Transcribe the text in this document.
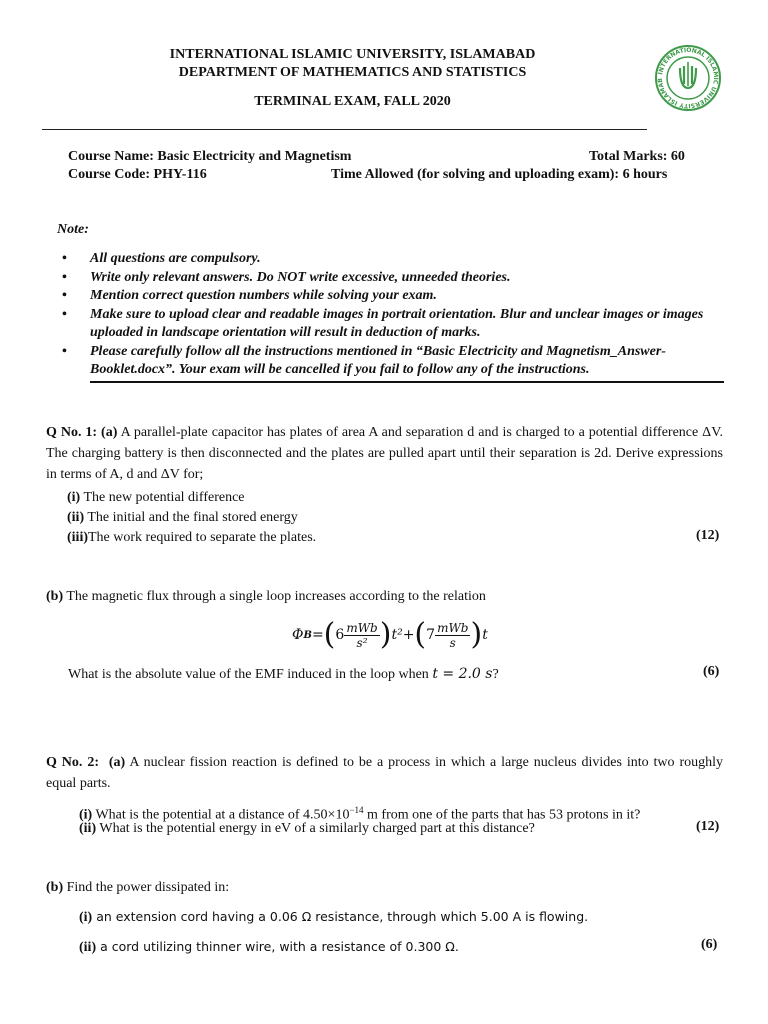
INTERNATIONAL ISLAMIC UNIVERSITY, ISLAMABAD
DEPARTMENT OF MATHEMATICS AND STATISTICS
TERMINAL EXAM, FALL 2020
INTERNATIONAL ISLAMIC UNIVERSITY ISLAMAB
Course Name: Basic Electricity and Magnetism	Total Marks: 60
Course Code: PHY-116	Time Allowed (for solving and uploading exam): 6 hours
Note:
• All questions are compulsory.
• Write only relevant answers. Do NOT write excessive, unneeded theories.
• Mention correct question numbers while solving your exam.
• Make sure to upload clear and readable images in portrait orientation. Blur and unclear images or images uploaded in landscape orientation will result in deduction of marks.
• Please carefully follow all the instructions mentioned in “Basic Electricity and Magnetism_Answer-Booklet.docx”. Your exam will be cancelled if you fail to follow any of the instructions.
Q No. 1: (a) A parallel-plate capacitor has plates of area A and separation d and is charged to a potential difference ΔV. The charging battery is then disconnected and the plates are pulled apart until their separation is 2d. Derive expressions in terms of A, d and ΔV for;
(i) The new potential difference
(ii) The initial and the final stored energy
(iii)The work required to separate the plates.	(12)
(b) The magnetic flux through a single loop increases according to the relation
Φ B = ( $6 \frac{\text{mWb}}{\text{s²}}$ ) t² + ( $7 \frac{\text{mWb}}{s}$ ) t
What is the absolute value of the EMF induced in the loop when t = 2.0 s?	(6)
Q No. 2: (a) A nuclear fission reaction is defined to be a process in which a large nucleus divides into two roughly equal parts.
(i) What is the potential at a distance of $4.50\times 10^{-14}$ m from one of the parts that has 53 protons in it?
(ii) What is the potential energy in eV of a similarly charged part at this distance?	(12)
(b) Find the power dissipated in:
(i) an extension cord having a 0.06 Ω resistance, through which 5.00 A is flowing.
(ii) a cord utilizing thinner wire, with a resistance of 0.300 Ω.	(6)
